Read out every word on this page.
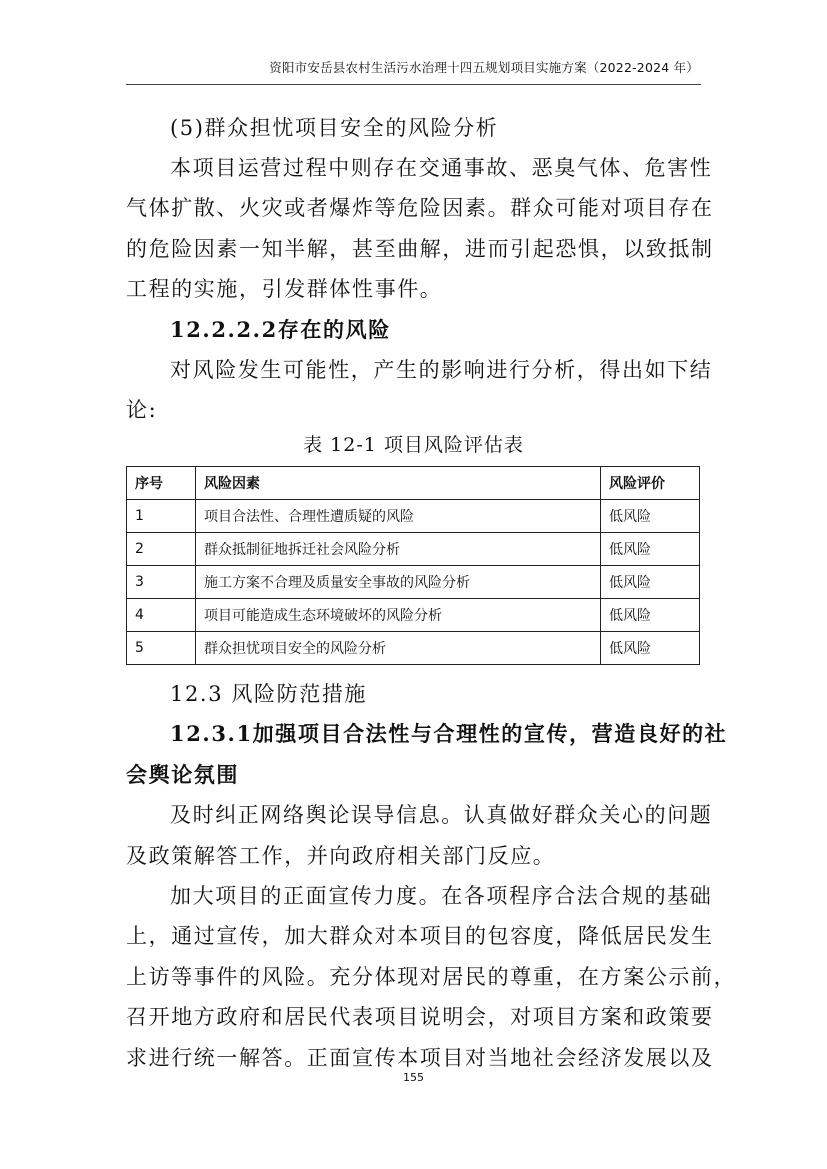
资阳市安岳县农村生活污水治理十四五规划项目实施方案（2022-2024 年）
(5)群众担忧项目安全的风险分析
本项目运营过程中则存在交通事故、恶臭气体、危害性
气体扩散、火灾或者爆炸等危险因素。群众可能对项目存在
的危险因素一知半解，甚至曲解，进而引起恐惧，以致抵制
工程的实施，引发群体性事件。
12.2.2.2存在的风险
对风险发生可能性，产生的影响进行分析，得出如下结
论:
表 12-1 项目风险评估表
序号	风险因素	风险评价
1	项目合法性、合理性遭质疑的风险	低风险
2	群众抵制征地拆迁社会风险分析	低风险
3	施工方案不合理及质量安全事故的风险分析	低风险
4	项目可能造成生态环境破坏的风险分析	低风险
5	群众担忧项目安全的风险分析	低风险
12.3 风险防范措施
12.3.1加强项目合法性与合理性的宣传，营造良好的社
会舆论氛围
及时纠正网络舆论误导信息。认真做好群众关心的问题
及政策解答工作，并向政府相关部门反应。
加大项目的正面宣传力度。在各项程序合法合规的基础
上，通过宣传，加大群众对本项目的包容度，降低居民发生
上访等事件的风险。充分体现对居民的尊重，在方案公示前，
召开地方政府和居民代表项目说明会，对项目方案和政策要
求进行统一解答。正面宣传本项目对当地社会经济发展以及
155
